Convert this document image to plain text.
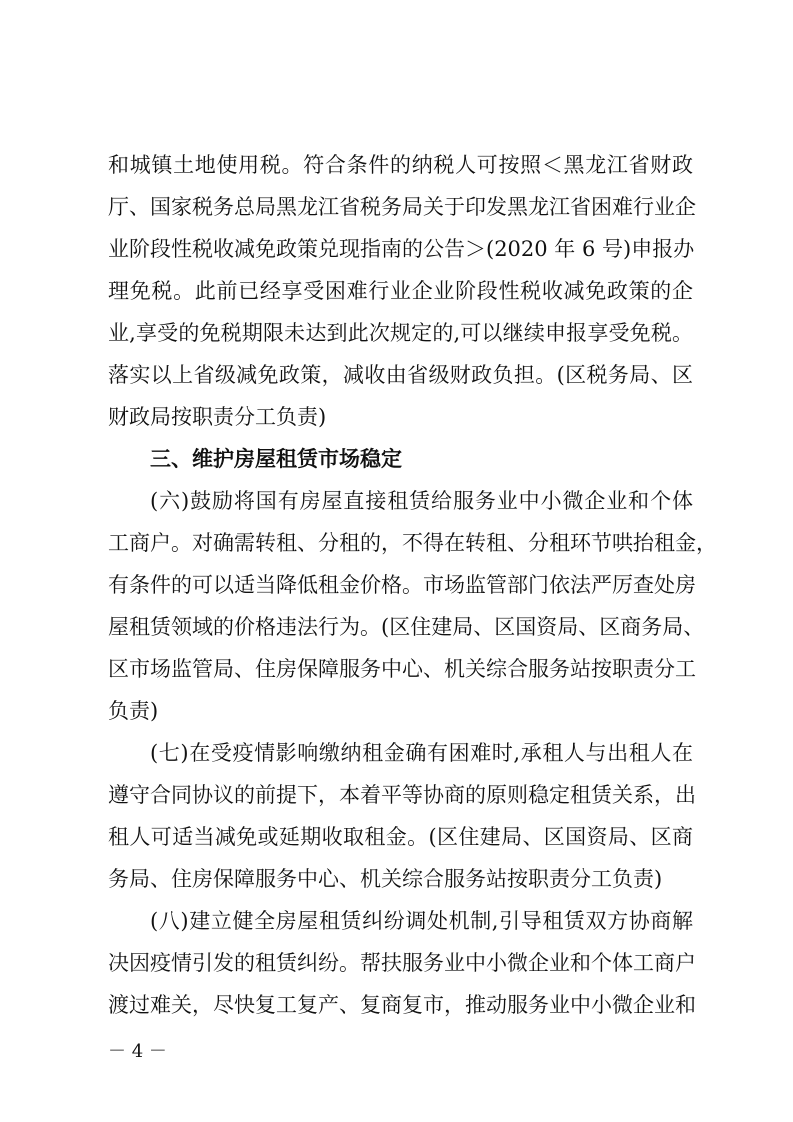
和城镇土地使用税。符合条件的纳税人可按照＜黑龙江省财政
厅、国家税务总局黑龙江省税务局关于印发黑龙江省困难行业企
业阶段性税收减免政策兑现指南的公告＞(2020 年 6 号)申报办
理免税。此前已经享受困难行业企业阶段性税收减免政策的企
业,享受的免税期限未达到此次规定的,可以继续申报享受免税。
落实以上省级减免政策，减收由省级财政负担。(区税务局、区
财政局按职责分工负责)
三、维护房屋租赁市场稳定
(六)鼓励将国有房屋直接租赁给服务业中小微企业和个体
工商户。对确需转租、分租的，不得在转租、分租环节哄抬租金，
有条件的可以适当降低租金价格。市场监管部门依法严厉查处房
屋租赁领域的价格违法行为。(区住建局、区国资局、区商务局、
区市场监管局、住房保障服务中心、机关综合服务站按职责分工
负责)
(七)在受疫情影响缴纳租金确有困难时,承租人与出租人在
遵守合同协议的前提下，本着平等协商的原则稳定租赁关系，出
租人可适当减免或延期收取租金。(区住建局、区国资局、区商
务局、住房保障服务中心、机关综合服务站按职责分工负责)
(八)建立健全房屋租赁纠纷调处机制,引导租赁双方协商解
决因疫情引发的租赁纠纷。帮扶服务业中小微企业和个体工商户
渡过难关，尽快复工复产、复商复市，推动服务业中小微企业和
－ 4 －
